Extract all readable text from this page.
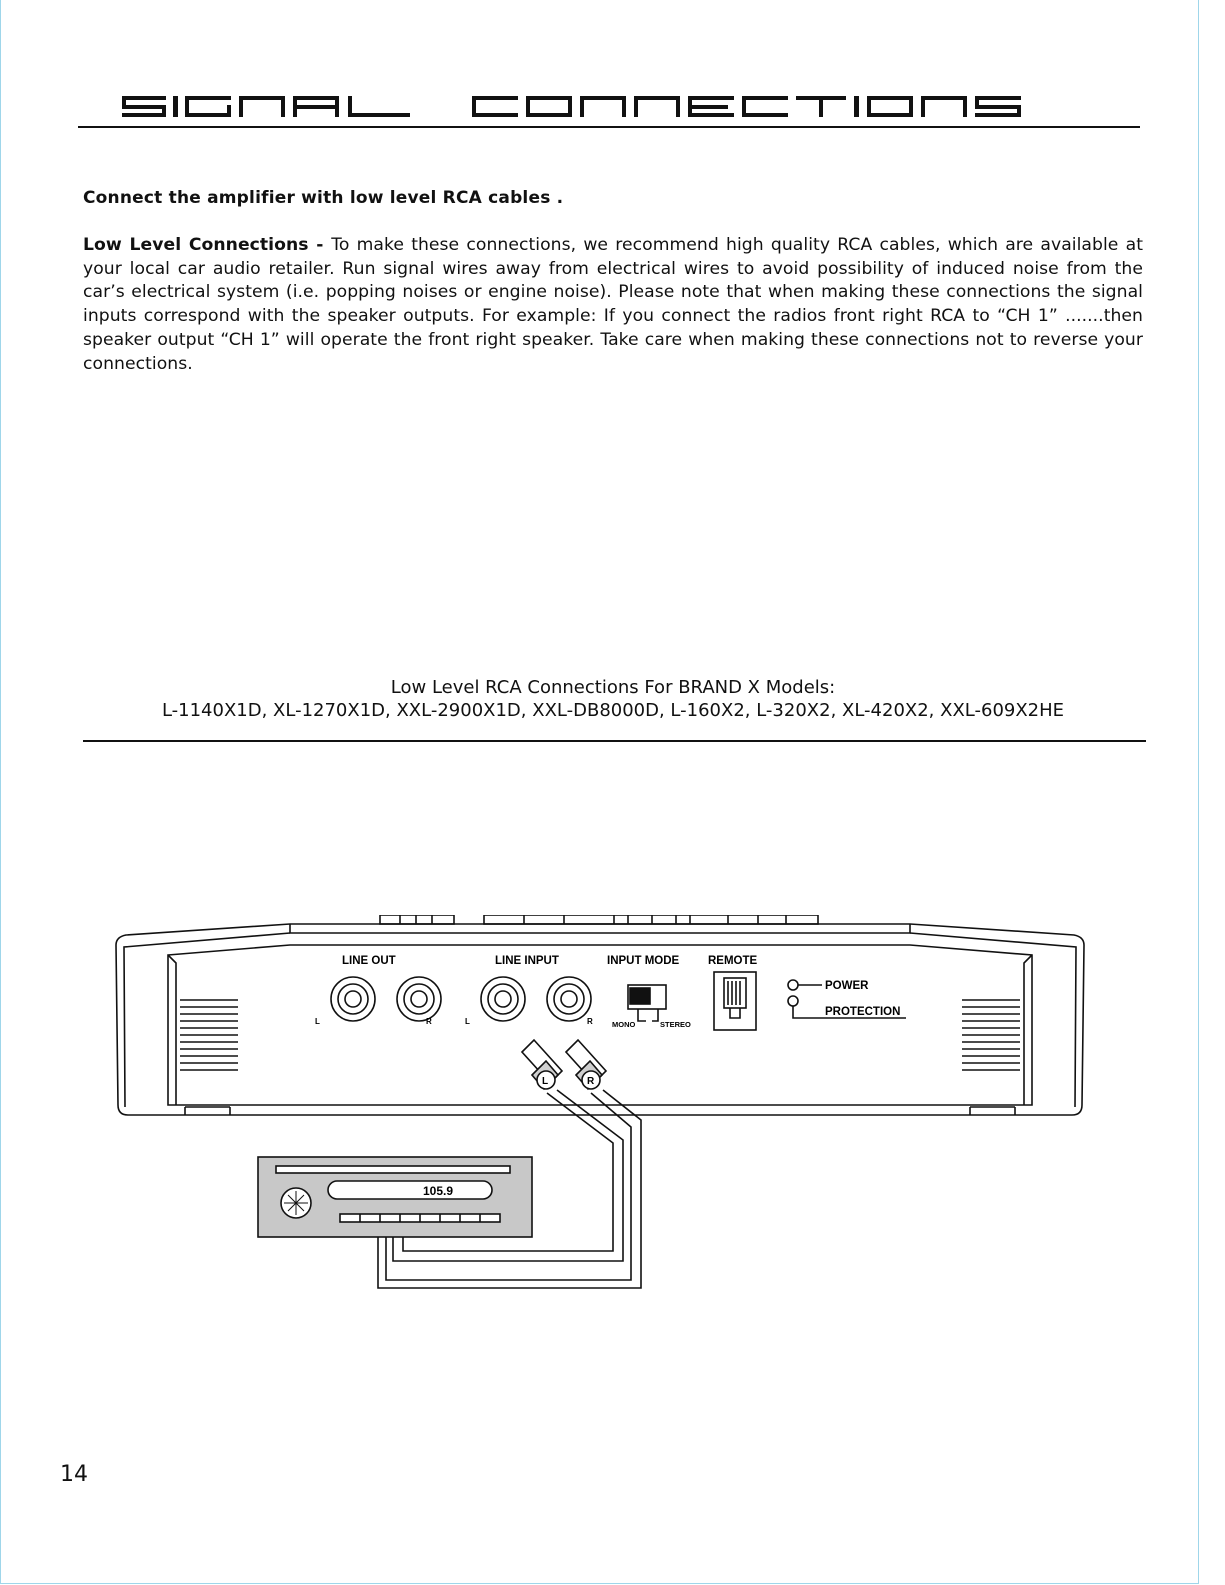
Connect the amplifier with low level RCA cables .
Low Level Connections - To make these connections, we recommend high quality RCA cables, which are available at your local car audio retailer. Run signal wires away from electrical wires to avoid possibility of induced noise from the car’s electrical system (i.e. popping noises or engine noise). Please note that when making these connections the signal inputs correspond with the speaker outputs. For example: If you connect the radios front right RCA to “CH 1” .......then speaker output “CH 1” will operate the front right speaker. Take care when making these connections not to reverse your connections.
Low Level RCA Connections For BRAND X Models:
L-1140X1D, XL-1270X1D, XXL-2900X1D, XXL-DB8000D, L-160X2, L-320X2, XL-420X2, XXL-609X2HE
LINE OUT	LINE INPUT	INPUT MODE	REMOTE
POWER
PROTECTION
L	R	L	R	MONO	STEREO
L	R
105.9
14
